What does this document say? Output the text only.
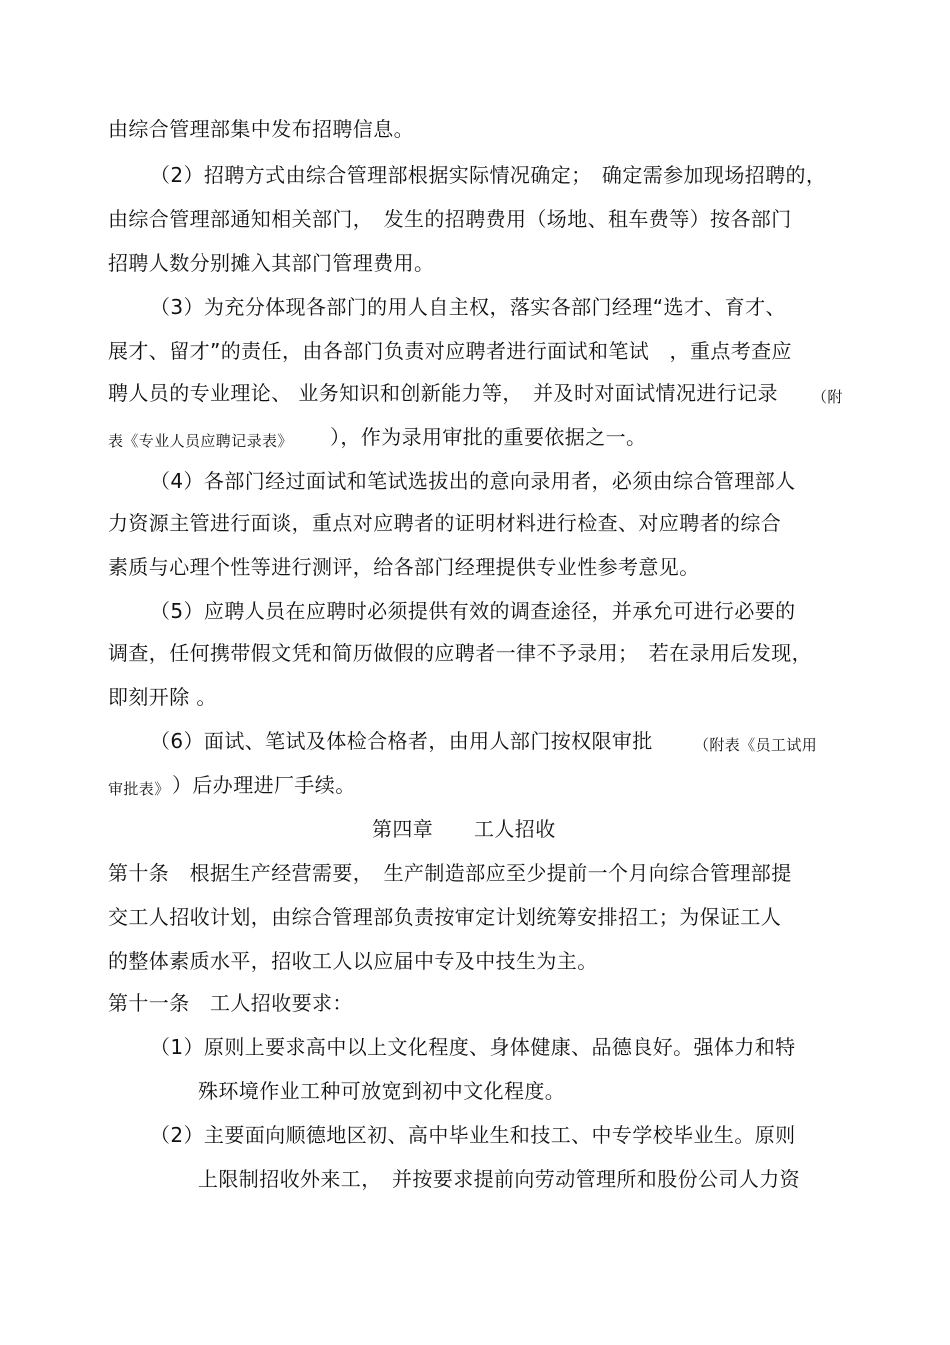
由综合管理部集中发布招聘信息。
（2）招聘方式由综合管理部根据实际情况确定；　确定需参加现场招聘的，
由综合管理部通知相关部门，　发生的招聘费用（场地、租车费等）按各部门
招聘人数分别摊入其部门管理费用。
（3）为充分体现各部门的用人自主权，落实各部门经理“选才、育才、
展才、留才”的责任，由各部门负责对应聘者进行面试和笔试　，重点考查应
聘人员的专业理论、 业务知识和创新能力等，　并及时对面试情况进行记录 （附
表《专业人员应聘记录表》 ），作为录用审批的重要依据之一。
（4）各部门经过面试和笔试选拔出的意向录用者，必须由综合管理部人
力资源主管进行面谈，重点对应聘者的证明材料进行检查、对应聘者的综合
素质与心理个性等进行测评，给各部门经理提供专业性参考意见。
（5）应聘人员在应聘时必须提供有效的调查途径，并承允可进行必要的
调查，任何携带假文凭和简历做假的应聘者一律不予录用；　若在录用后发现，
即刻开除 。
（6）面试、笔试及体检合格者，由用人部门按权限审批	（附表《员工试用
审批表》 ）后办理进厂手续。
第四章　　工人招收
第十条　根据生产经营需要，　生产制造部应至少提前一个月向综合管理部提
交工人招收计划，由综合管理部负责按审定计划统筹安排招工；为保证工人
的整体素质水平，招收工人以应届中专及中技生为主。
第十一条　工人招收要求：
（1）原则上要求高中以上文化程度、身体健康、品德良好。强体力和特
殊环境作业工种可放宽到初中文化程度。
（2）主要面向顺德地区初、高中毕业生和技工、中专学校毕业生。原则
上限制招收外来工，　并按要求提前向劳动管理所和股份公司人力资
